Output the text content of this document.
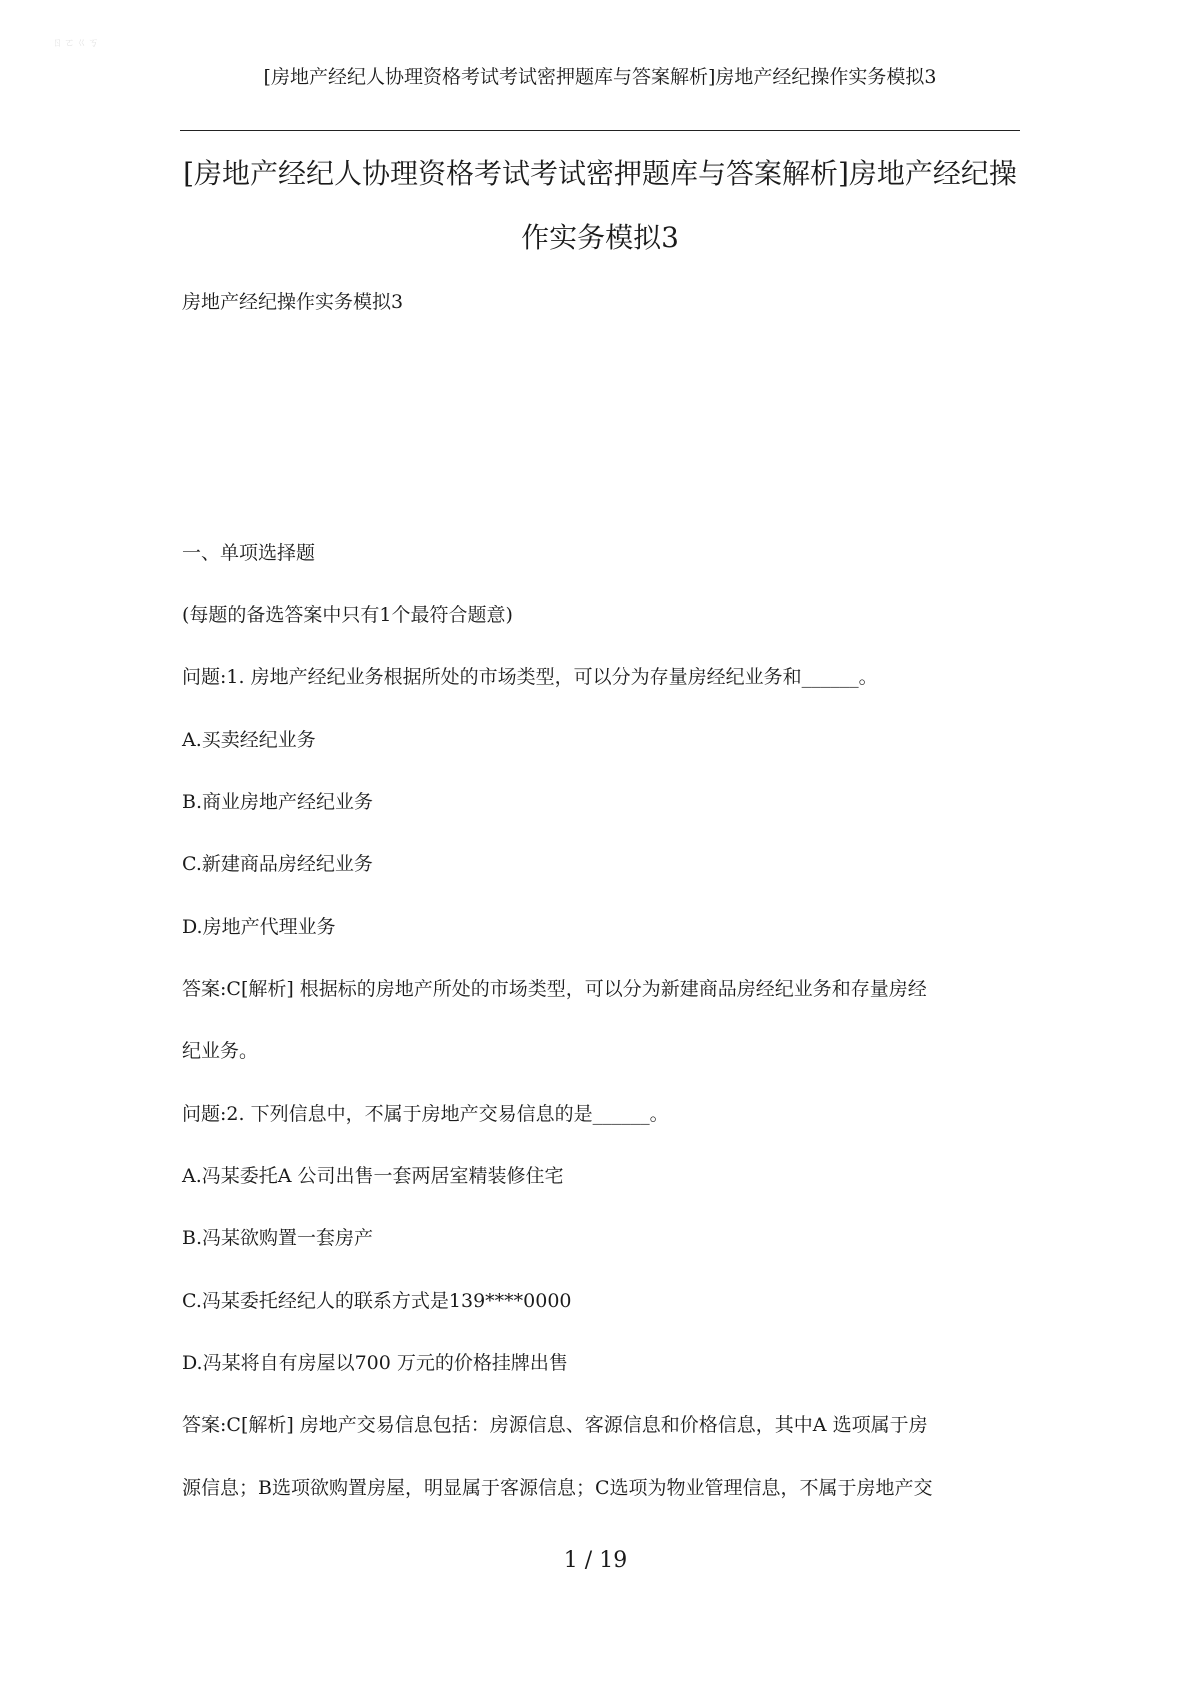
ㄖㄛㄍㄎ
[房地产经纪人协理资格考试考试密押题库与答案解析]房地产经纪操作实务模拟3
[房地产经纪人协理资格考试考试密押题库与答案解析]房地产经纪操作实务模拟3
房地产经纪操作实务模拟3
一、单项选择题
(每题的备选答案中只有1个最符合题意)
问题:1. 房地产经纪业务根据所处的市场类型，可以分为存量房经纪业务和______。
A.买卖经纪业务
B.商业房地产经纪业务
C.新建商品房经纪业务
D.房地产代理业务
答案:C[解析] 根据标的房地产所处的市场类型，可以分为新建商品房经纪业务和存量房经
纪业务。
问题:2. 下列信息中，不属于房地产交易信息的是______。
A.冯某委托A 公司出售一套两居室精装修住宅
B.冯某欲购置一套房产
C.冯某委托经纪人的联系方式是139****0000
D.冯某将自有房屋以700 万元的价格挂牌出售
答案:C[解析] 房地产交易信息包括：房源信息、客源信息和价格信息，其中A 选项属于房
源信息；B选项欲购置房屋，明显属于客源信息；C选项为物业管理信息，不属于房地产交
1 / 19
